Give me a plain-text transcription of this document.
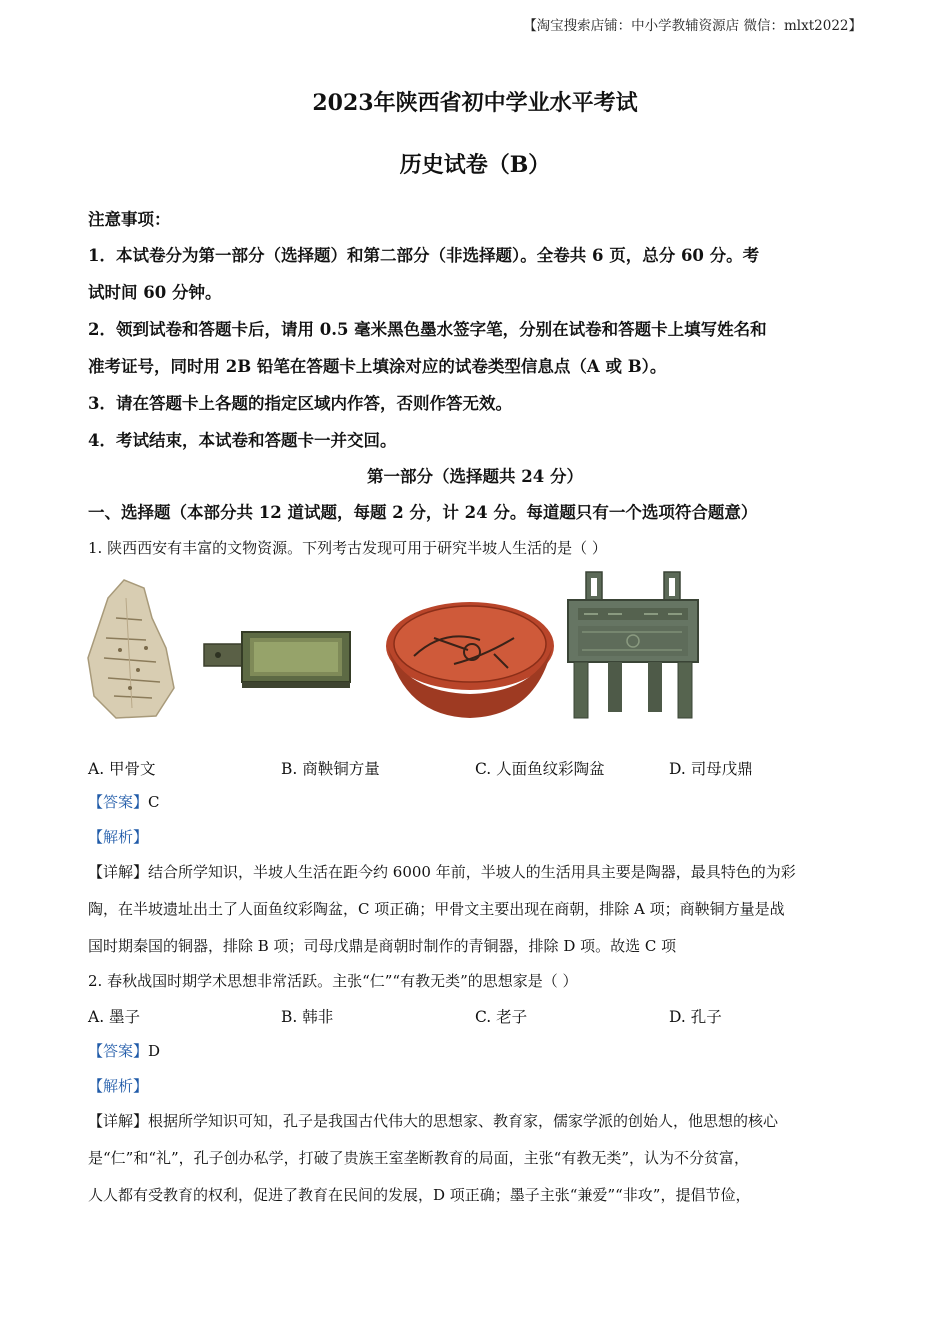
【淘宝搜索店铺：中小学教辅资源店 微信：mlxt2022】
2023年陕西省初中学业水平考试
历史试卷（B）
注意事项：
1．本试卷分为第一部分（选择题）和第二部分（非选择题）。全卷共 6 页，总分 60 分。考
试时间 60 分钟。
2．领到试卷和答题卡后，请用 0.5 毫米黑色墨水签字笔，分别在试卷和答题卡上填写姓名和
准考证号，同时用 2B 铅笔在答题卡上填涂对应的试卷类型信息点（A 或 B）。
3．请在答题卡上各题的指定区域内作答，否则作答无效。
4．考试结束，本试卷和答题卡一并交回。
第一部分（选择题共 24 分）
一、选择题（本部分共 12 道试题，每题 2 分，计 24 分。每道题只有一个选项符合题意）
1. 陕西西安有丰富的文物资源。下列考古发现可用于研究半坡人生活的是（ ）
A. 甲骨文	B. 商鞅铜方量	C. 人面鱼纹彩陶盆	D. 司母戊鼎
【答案】C
【解析】
【详解】结合所学知识，半坡人生活在距今约 6000 年前，半坡人的生活用具主要是陶器，最具特色的为彩
陶，在半坡遗址出土了人面鱼纹彩陶盆，C 项正确；甲骨文主要出现在商朝，排除 A 项；商鞅铜方量是战
国时期秦国的铜器，排除 B 项；司母戊鼎是商朝时制作的青铜器，排除 D 项。故选 C 项
2. 春秋战国时期学术思想非常活跃。主张“仁”“有教无类”的思想家是（ ）
A. 墨子	B. 韩非	C. 老子	D. 孔子
【答案】D
【解析】
【详解】根据所学知识可知，孔子是我国古代伟大的思想家、教育家，儒家学派的创始人，他思想的核心
是“仁”和“礼”，孔子创办私学，打破了贵族王室垄断教育的局面，主张“有教无类”，认为不分贫富，
人人都有受教育的权利，促进了教育在民间的发展，D 项正确；墨子主张“兼爱”“非攻”，提倡节俭，
